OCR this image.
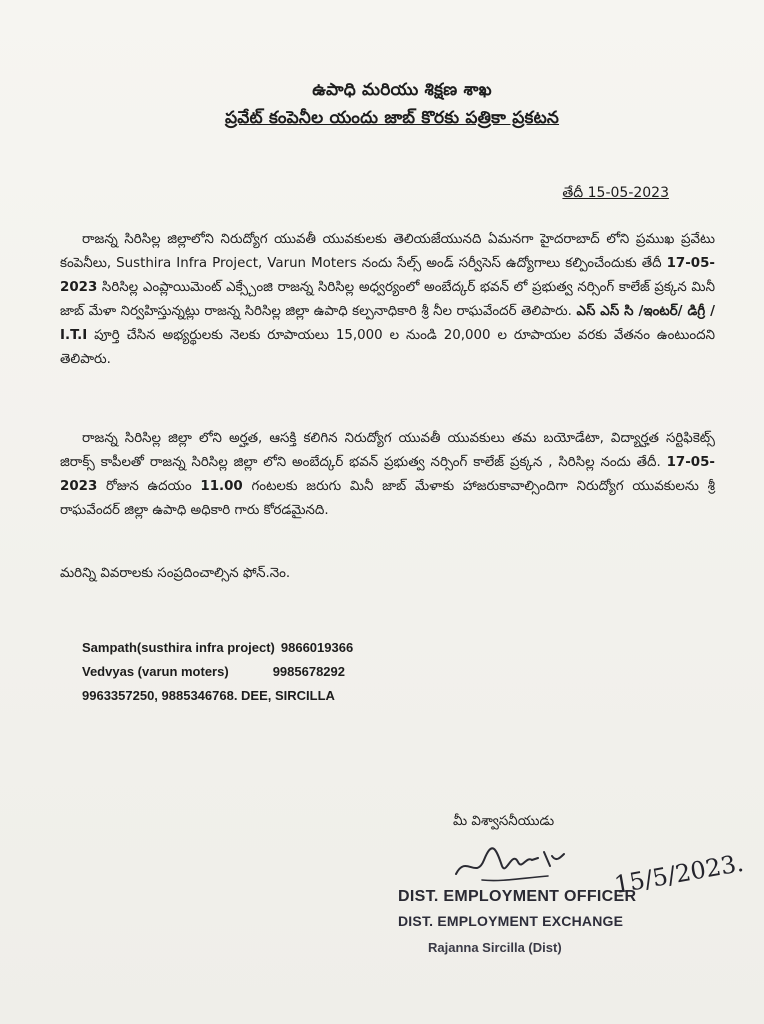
ఉపాధి మరియు శిక్షణ శాఖ
ప్రవేట్ కంపెనీల యందు జాబ్ కొరకు పత్రికా ప్రకటన
తేదీ 15-05-2023
రాజన్న సిరిసిల్ల జిల్లాలోని నిరుద్యోగ యువతీ యువకులకు తెలియజేయునది ఏమనగా హైదరాబాద్ లోని ప్రముఖ ప్రవేటు కంపెనీలు, Susthira Infra Project, Varun Moters నందు సేల్స్ అండ్ సర్వీసెస్ ఉద్యోగాలు కల్పించేందుకు తేదీ 17-05-2023 సిరిసిల్ల ఎంప్లాయిమెంట్ ఎక్స్చేంజి రాజన్న సిరిసిల్ల అధ్వర్యంలో అంబేద్కర్ భవన్ లో ప్రభుత్వ నర్సింగ్ కాలేజ్ ప్రక్కన మినీ జాబ్ మేళా నిర్వహిస్తున్నట్లు రాజన్న సిరిసిల్ల జిల్లా ఉపాధి కల్పనాధికారి శ్రీ నీల రాఘవేందర్ తెలిపారు. ఎస్ ఎస్ సి /ఇంటర్/ డిగ్రీ / I.T.I పూర్తి చేసిన అభ్యర్థులకు నెలకు రూపాయలు 15,000 ల నుండి 20,000 ల రూపాయల వరకు వేతనం ఉంటుందని తెలిపారు.
రాజన్న సిరిసిల్ల జిల్లా లోని అర్హత, ఆసక్తి కలిగిన నిరుద్యోగ యువతీ యువకులు తమ బయోడేటా, విద్యార్హత సర్టిఫికెట్స్ జిరాక్స్ కాపీలతో రాజన్న సిరిసిల్ల జిల్లా లోని అంబేద్కర్ భవన్ ప్రభుత్వ నర్సింగ్ కాలేజ్ ప్రక్కన , సిరిసిల్ల నందు తేదీ. 17-05-2023 రోజున ఉదయం 11.00 గంటలకు జరుగు మినీ జాబ్ మేళాకు హాజరుకావాల్సిందిగా నిరుద్యోగ యువకులను శ్రీ రాఘవేందర్ జిల్లా ఉపాధి అధికారి గారు కోరడమైనది.
మరిన్ని వివరాలకు సంప్రదించాల్సిన ఫోన్.నెం.
Sampath(susthira infra project) 9866019366
Vedvyas (varun moters)	9985678292
9963357250, 9885346768. DEE, SIRCILLA
మీ విశ్వాసనీయుడు
15/5/2023.
DIST. EMPLOYMENT OFFICER
DIST. EMPLOYMENT EXCHANGE
Rajanna Sircilla (Dist)
